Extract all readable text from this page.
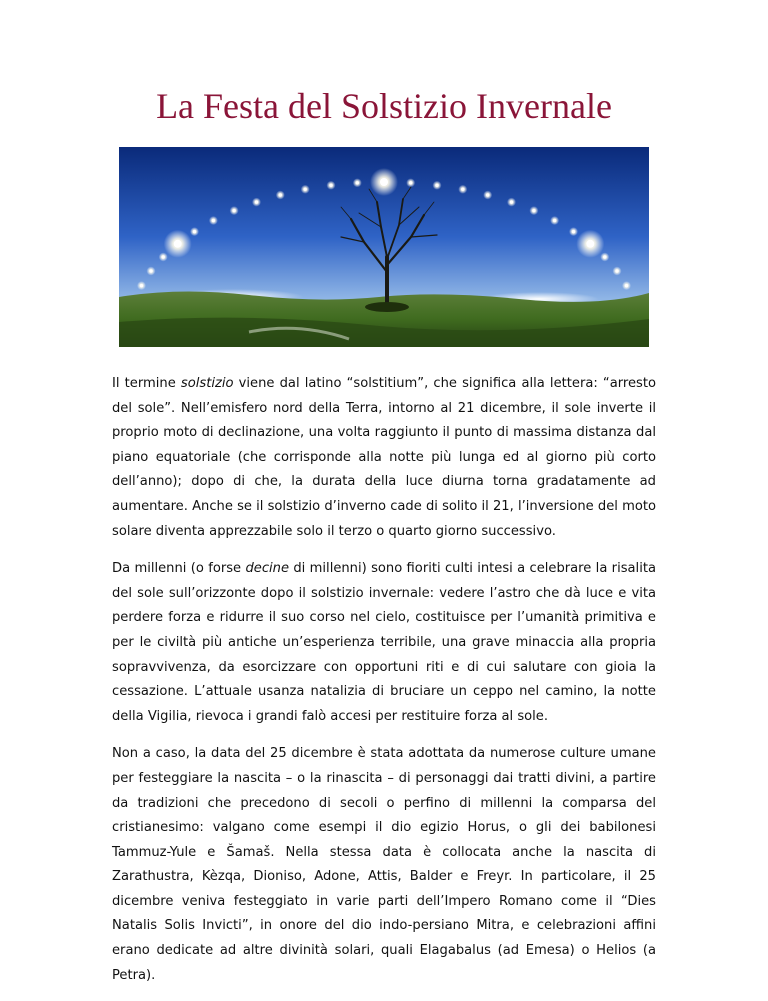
La Festa del Solstizio Invernale

Il termine solstizio viene dal latino “solstitium”, che significa alla lettera: “arresto del sole”. Nell’emisfero nord della Terra, intorno al 21 dicembre, il sole inverte il proprio moto di declinazione, una volta raggiunto il punto di massima distanza dal piano equatoriale (che corrisponde alla notte più lunga ed al giorno più corto dell’anno); dopo di che, la durata della luce diurna torna gradatamente ad aumentare. Anche se il solstizio d’inverno cade di solito il 21, l’inversione del moto solare diventa apprezzabile solo il terzo o quarto giorno successivo.

Da millenni (o forse decine di millenni) sono fioriti culti intesi a celebrare la risalita del sole sull’orizzonte dopo il solstizio invernale: vedere l’astro che dà luce e vita perdere forza e ridurre il suo corso nel cielo, costituisce per l’umanità primitiva e per le civiltà più antiche un’esperienza terribile, una grave minaccia alla propria sopravvivenza, da esorcizzare con opportuni riti e di cui salutare con gioia la cessazione. L’attuale usanza natalizia di bruciare un ceppo nel camino, la notte della Vigilia, rievoca i grandi falò accesi per restituire forza al sole.

Non a caso, la data del 25 dicembre è stata adottata da numerose culture umane per festeggiare la nascita – o la rinascita – di personaggi dai tratti divini, a partire da tradizioni che precedono di secoli o perfino di millenni la comparsa del cristianesimo: valgano come esempi il dio egizio Horus, o gli dei babilonesi Tammuz-Yule e Šamaš. Nella stessa data è collocata anche la nascita di Zarathustra, Kèzqa, Dioniso, Adone, Attis, Balder e Freyr. In particolare, il 25 dicembre veniva festeggiato in varie parti dell’Impero Romano come il “Dies Natalis Solis Invicti”, in onore del dio indo-persiano Mitra, e celebrazioni affini erano dedicate ad altre divinità solari, quali Elagabalus (ad Emesa) o Helios (a Petra).
